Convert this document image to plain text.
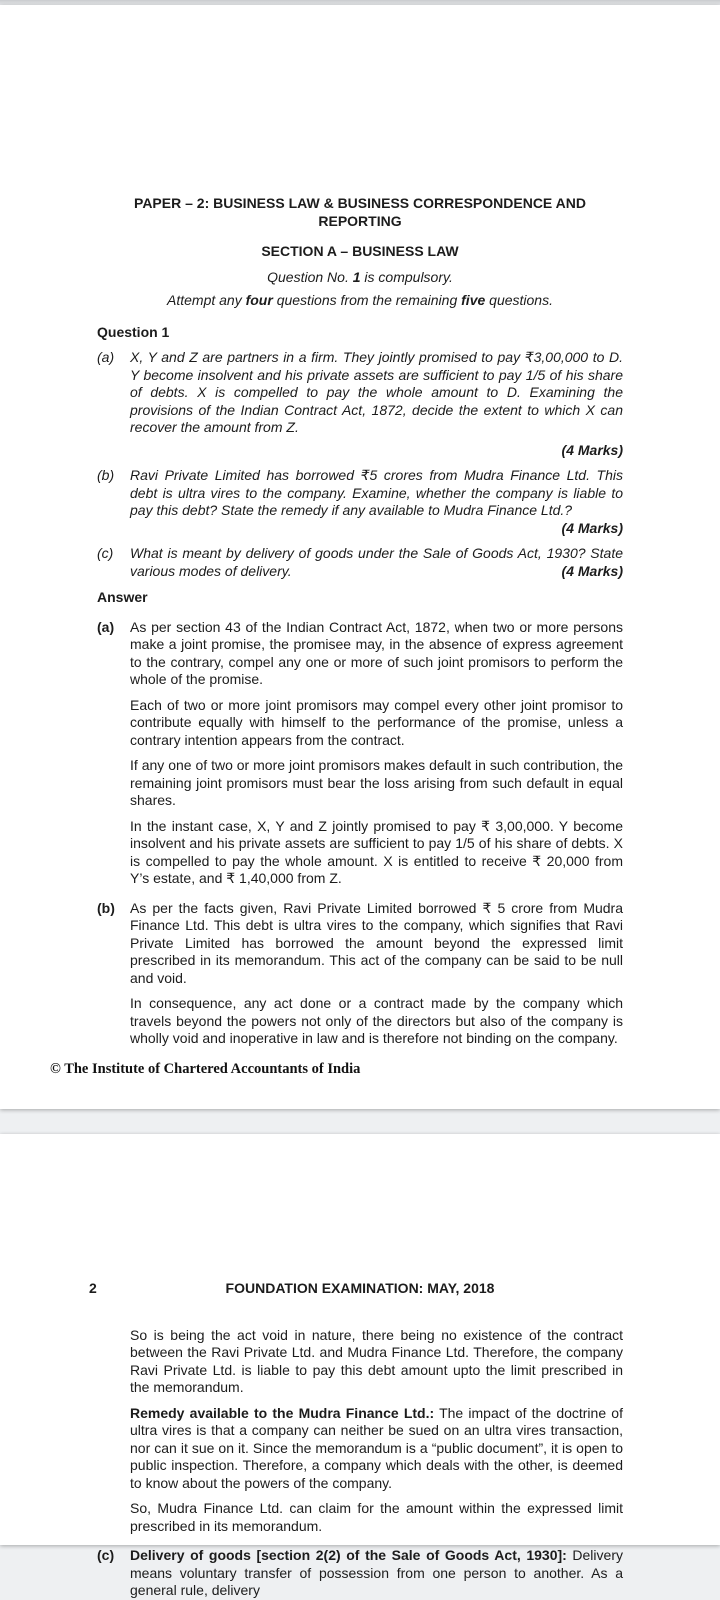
PAPER – 2: BUSINESS LAW & BUSINESS CORRESPONDENCE AND REPORTING
SECTION A – BUSINESS LAW
Question No. 1 is compulsory.
Attempt any four questions from the remaining five questions.
Question 1
(a)	X, Y and Z are partners in a firm. They jointly promised to pay ₹3,00,000 to D. Y become insolvent and his private assets are sufficient to pay 1/5 of his share of debts. X is compelled to pay the whole amount to D. Examining the provisions of the Indian Contract Act, 1872, decide the extent to which X can recover the amount from Z.
(4 Marks)
(b)	Ravi Private Limited has borrowed ₹5 crores from Mudra Finance Ltd. This debt is ultra vires to the company. Examine, whether the company is liable to pay this debt? State the remedy if any available to Mudra Finance Ltd.?
(4 Marks)
(c)	What is meant by delivery of goods under the Sale of Goods Act, 1930? State various modes of delivery.	(4 Marks)
Answer
(a)	As per section 43 of the Indian Contract Act, 1872, when two or more persons make a joint promise, the promisee may, in the absence of express agreement to the contrary, compel any one or more of such joint promisors to perform the whole of the promise.

Each of two or more joint promisors may compel every other joint promisor to contribute equally with himself to the performance of the promise, unless a contrary intention appears from the contract.

If any one of two or more joint promisors makes default in such contribution, the remaining joint promisors must bear the loss arising from such default in equal shares.

In the instant case, X, Y and Z jointly promised to pay ₹ 3,00,000. Y become insolvent and his private assets are sufficient to pay 1/5 of his share of debts. X is compelled to pay the whole amount. X is entitled to receive ₹ 20,000 from Y’s estate, and ₹ 1,40,000 from Z.

(b)	As per the facts given, Ravi Private Limited borrowed ₹ 5 crore from Mudra Finance Ltd. This debt is ultra vires to the company, which signifies that Ravi Private Limited has borrowed the amount beyond the expressed limit prescribed in its memorandum. This act of the company can be said to be null and void.

In consequence, any act done or a contract made by the company which travels beyond the powers not only of the directors but also of the company is wholly void and inoperative in law and is therefore not binding on the company.

© The Institute of Chartered Accountants of India
2	FOUNDATION EXAMINATION: MAY, 2018

So is being the act void in nature, there being no existence of the contract between the Ravi Private Ltd. and Mudra Finance Ltd. Therefore, the company Ravi Private Ltd. is liable to pay this debt amount upto the limit prescribed in the memorandum.

Remedy available to the Mudra Finance Ltd.: The impact of the doctrine of ultra vires is that a company can neither be sued on an ultra vires transaction, nor can it sue on it. Since the memorandum is a “public document”, it is open to public inspection. Therefore, a company which deals with the other, is deemed to know about the powers of the company.

So, Mudra Finance Ltd. can claim for the amount within the expressed limit prescribed in its memorandum.

(c)	Delivery of goods [section 2(2) of the Sale of Goods Act, 1930]: Delivery means voluntary transfer of possession from one person to another. As a general rule, delivery
